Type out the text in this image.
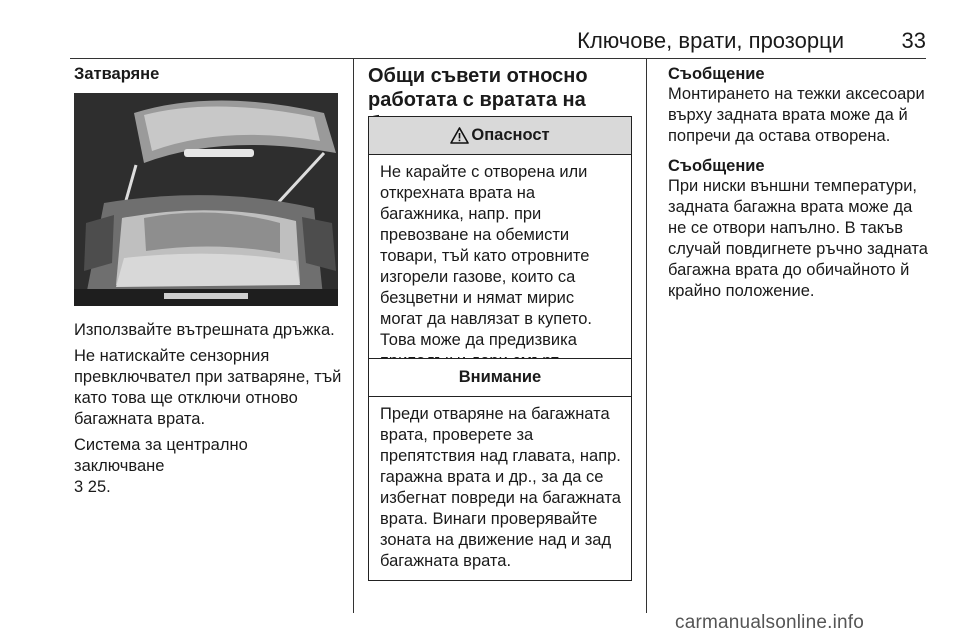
Ключове, врати, прозорци	33

Затваряне

Използвайте вътрешната дръжка.

Не натискайте сензорния превключвател при затваряне, тъй като това ще отключи отново багажната врата.

Система за централно заключване
3 25.

Общи съвети относно работата с вратата на

Опасност
Не карайте с отворена или открехната врата на багажника, напр. при превозване на обемисти товари, тъй като отровните изгорели газове, които са безцветни и нямат мирис могат да навлязат в купето. Това може да предизвика
Внимание
Преди отваряне на багажната врата, проверете за препятствия над главата, напр. гаражна врата и др., за да се избегнат повреди на багажната врата. Винаги проверявайте зоната на движение над и зад багажната врата.

Съобщение

Монтирането на тежки аксесоари върху задната врата може да й попречи да остава отворена.

Съобщение

При ниски външни температури, задната багажна врата може да не се отвори напълно. В такъв случай повдигнете ръчно задната багажна врата до обичайното й крайно положение.

carmanualsonline.info
